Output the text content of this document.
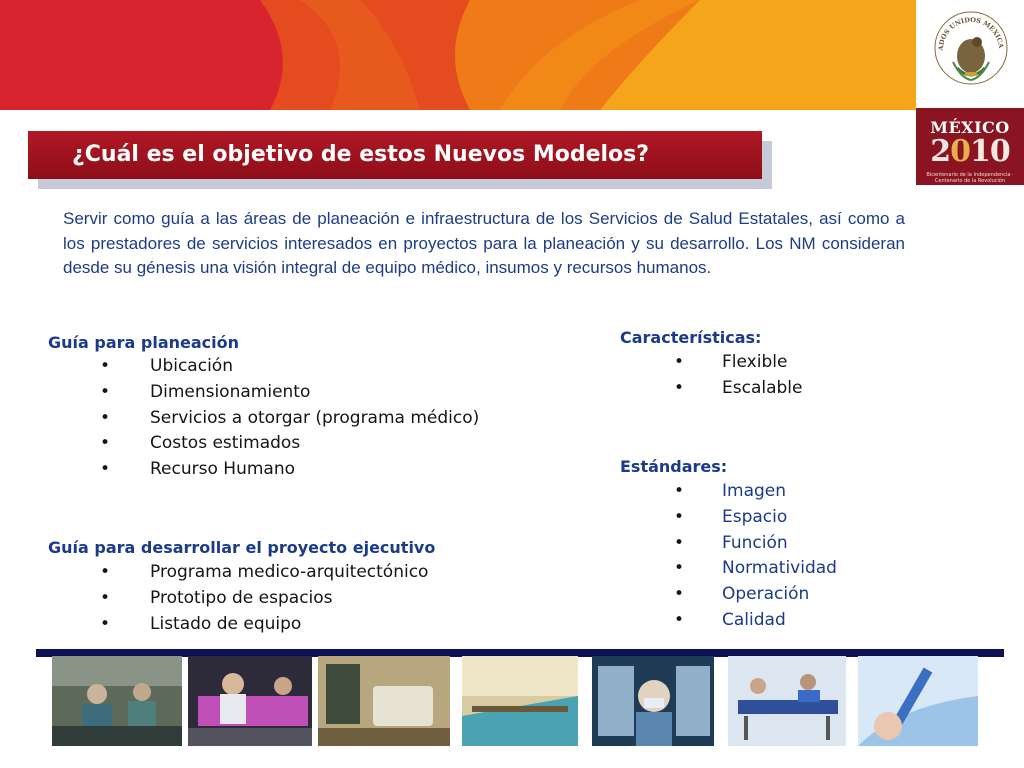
ADOS UNIDOS MEXICA
MÉXICO
2010
Bicentenario de la Independencia · Centenario de la Revolución
¿Cuál es el objetivo de estos Nuevos Modelos?

Servir como guía a las áreas de planeación e infraestructura de los Servicios de Salud Estatales, así como a los prestadores de servicios interesados en proyectos para la planeación y su desarrollo. Los NM consideran desde su génesis una visión integral de equipo médico, insumos y recursos humanos.

Guía para planeación
•	Ubicación
•	Dimensionamiento
•	Servicios a otorgar (programa médico)
•	Costos estimados
•	Recurso Humano
Guía para desarrollar el proyecto ejecutivo
•	Programa medico-arquitectónico
•	Prototipo de espacios
•	Listado de equipo
Características:
•	Flexible
•	Escalable
Estándares:
•	Imagen
•	Espacio
•	Función
•	Normatividad
•	Operación
•	Calidad
